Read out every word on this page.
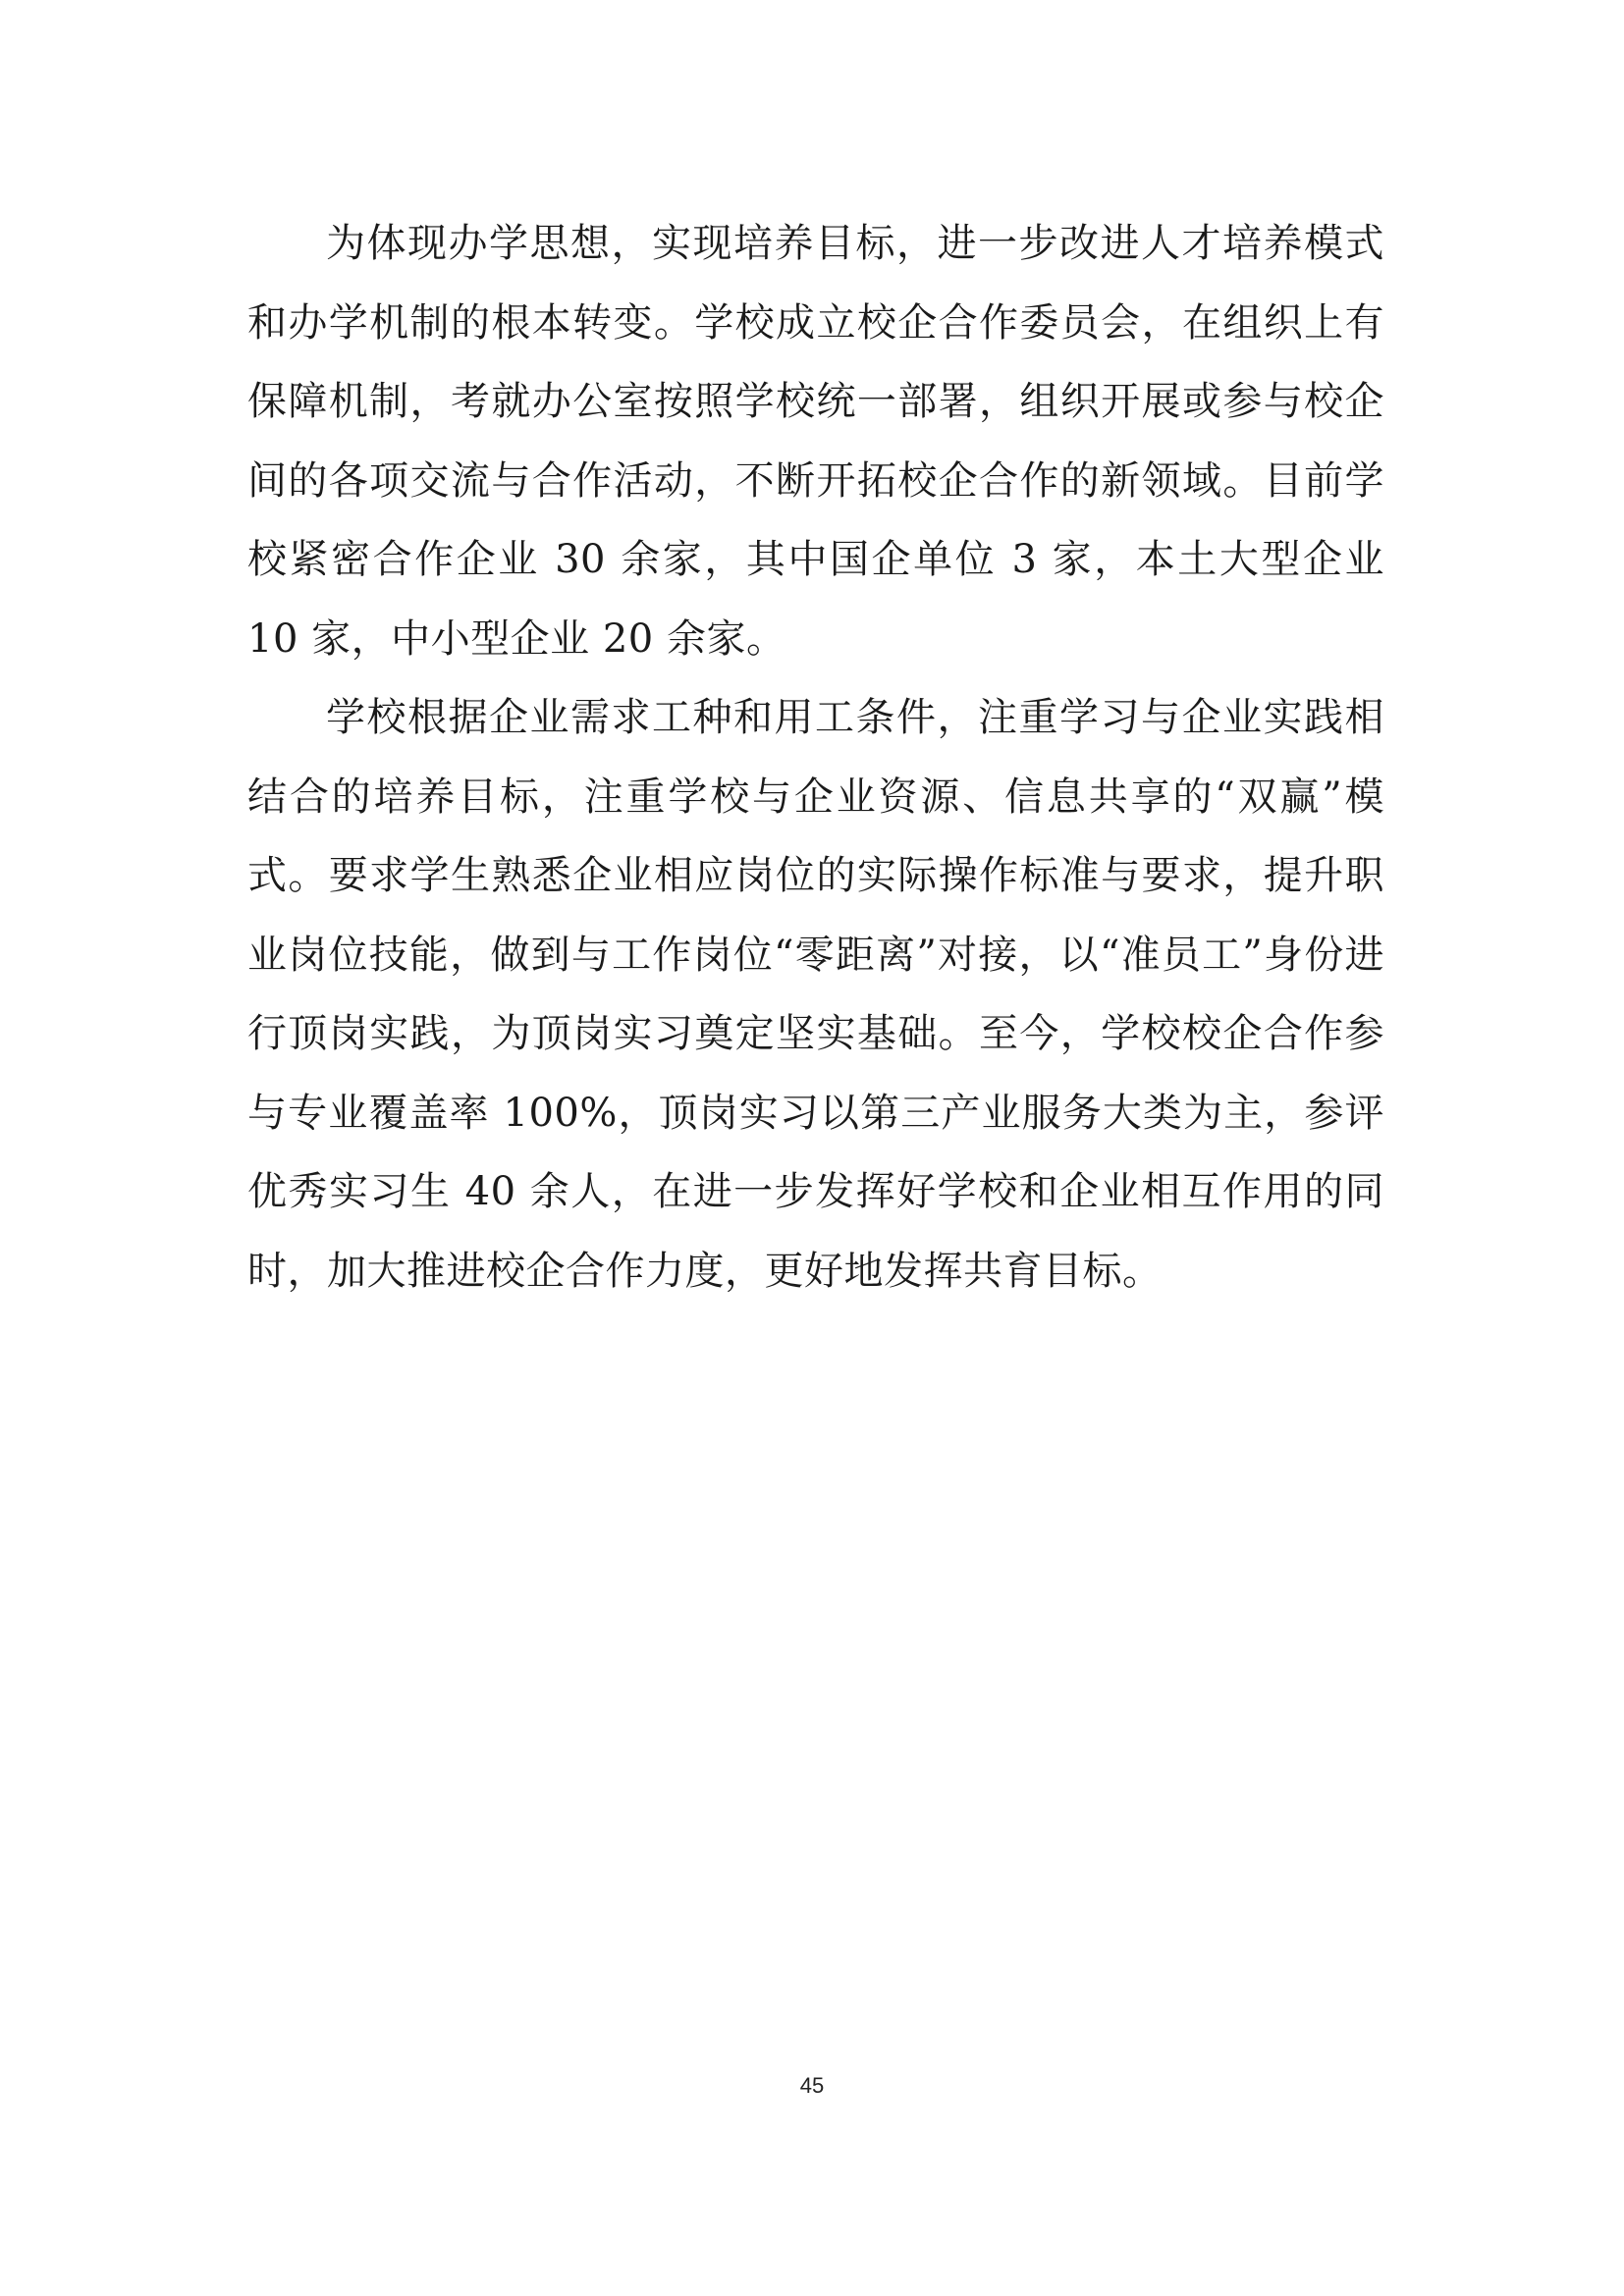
为体现办学思想，实现培养目标，进一步改进人才培养模式和办学机制的根本转变。学校成立校企合作委员会，在组织上有保障机制，考就办公室按照学校统一部署，组织开展或参与校企间的各项交流与合作活动，不断开拓校企合作的新领域。目前学校紧密合作企业 30 余家，其中国企单位 3 家，本土大型企业 10 家，中小型企业 20 余家。

学校根据企业需求工种和用工条件，注重学习与企业实践相结合的培养目标，注重学校与企业资源、信息共享的“双赢”模式。要求学生熟悉企业相应岗位的实际操作标准与要求，提升职业岗位技能，做到与工作岗位“零距离”对接，以“准员工”身份进行顶岗实践，为顶岗实习奠定坚实基础。至今，学校校企合作参与专业覆盖率 100%，顶岗实习以第三产业服务大类为主，参评优秀实习生 40 余人，在进一步发挥好学校和企业相互作用的同时，加大推进校企合作力度，更好地发挥共育目标。

45
